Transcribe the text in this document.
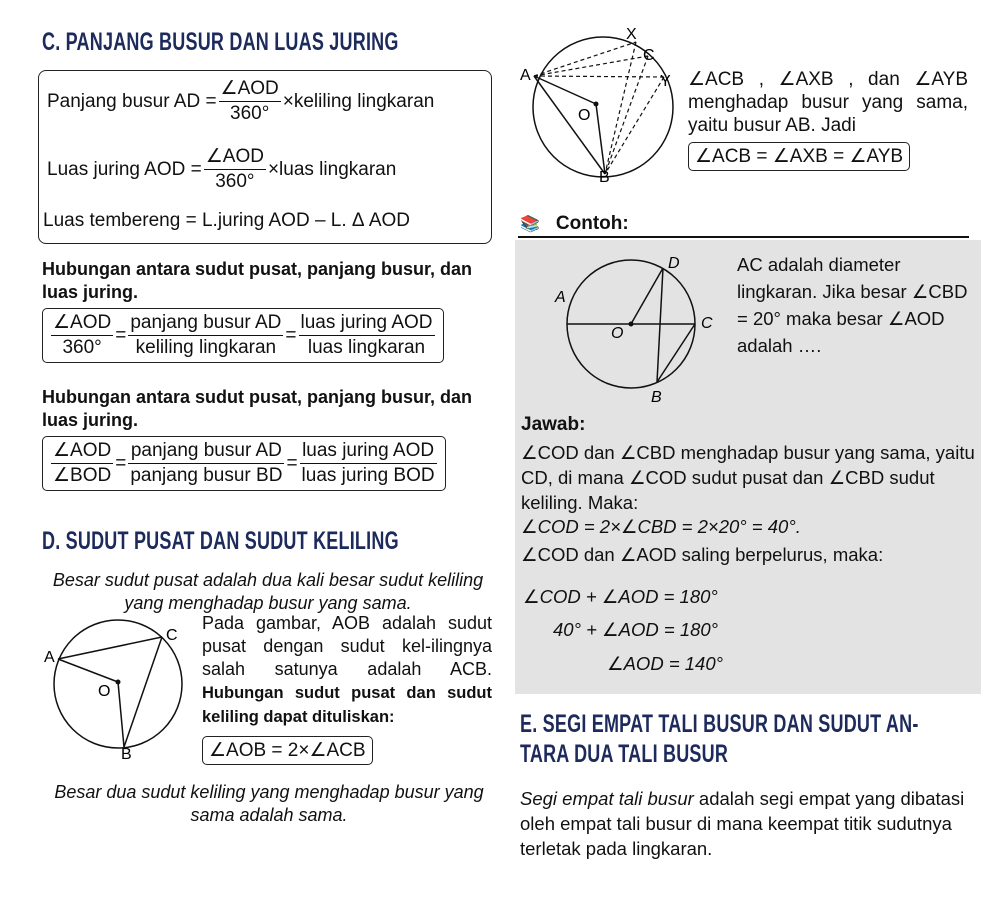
C. PANJANG BUSUR DAN LUAS JURING
Panjang busur AD = $\frac{\text{∠AOD}}{360^\circ}$ ×keliling lingkaran
Luas juring AOD = $\frac{\text{∠AOD}}{360^\circ}$ ×luas lingkaran
Luas tembereng = L.juring AOD – L. Δ AOD
Hubungan antara sudut pusat, panjang busur, dan luas juring.
$\frac{\text{∠AOD}}{360^\circ} = \frac{\text{panjang busur AD}}{\text{keliling lingkaran}} = \frac{\text{luas juring AOD}}{\text{luas lingkaran}}$
Hubungan antara sudut pusat, panjang busur, dan luas juring.
$\frac{\text{∠AOD}}{\text{∠BOD}} = \frac{\text{panjang busur AD}}{\text{panjang busur BD}} = \frac{\text{luas juring AOD}}{\text{luas juring BOD}}$
D. SUDUT PUSAT DAN SUDUT KELILING
Besar sudut pusat adalah dua kali besar sudut keliling yang menghadap busur yang sama.
A
C
O
B
Pada gambar, AOB adalah sudut pusat dengan sudut kel-ilingnya salah satunya adalah ACB. Hubungan sudut pusat dan sudut keliling dapat dituliskan:
∠AOB = 2×∠ACB
Besar dua sudut keliling yang menghadap busur yang sama adalah sama.
A
X
C
Y
O
B
∠ACB , ∠AXB , dan ∠AYB menghadap busur yang sama, yaitu busur AB. Jadi
∠ACB = ∠AXB = ∠AYB
📚 Contoh:
A
D
C
O
B
AC adalah diameter lingkaran. Jika besar ∠CBD = 20° maka besar ∠AOD adalah ….
Jawab:
∠COD dan ∠CBD menghadap busur yang sama, yaitu CD, di mana ∠COD sudut pusat dan ∠CBD sudut keliling. Maka:
∠COD = 2×∠CBD = 2×20° = 40°.
∠COD dan ∠AOD saling berpelurus, maka:
∠COD + ∠AOD = 180°
40° + ∠AOD = 180°
∠AOD = 140°
E. SEGI EMPAT TALI BUSUR DAN SUDUT AN-
TARA DUA TALI BUSUR
Segi empat tali busur adalah segi empat yang dibatasi oleh empat tali busur di mana keempat titik sudutnya terletak pada lingkaran.
